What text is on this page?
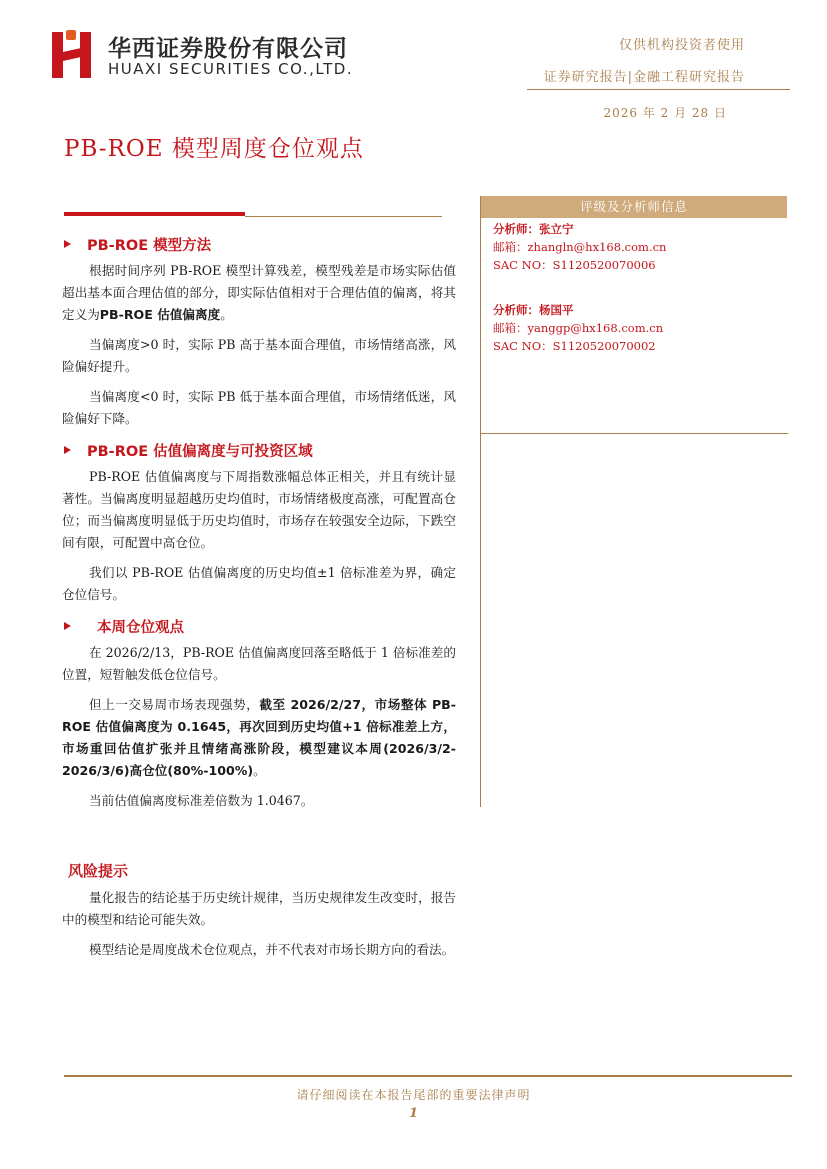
华西证券股份有限公司
HUAXI SECURITIES CO.,LTD.
仅供机构投资者使用
证券研究报告|金融工程研究报告
2026 年 2 月 28 日
PB-ROE 模型周度仓位观点
PB-ROE 模型方法

根据时间序列 PB-ROE 模型计算残差，模型残差是市场实际估值超出基本面合理估值的部分，即实际估值相对于合理估值的偏离，将其定义为PB-ROE 估值偏离度。

当偏离度>0 时，实际 PB 高于基本面合理值，市场情绪高涨，风险偏好提升。

当偏离度<0 时，实际 PB 低于基本面合理值，市场情绪低迷，风险偏好下降。

PB-ROE 估值偏离度与可投资区域

PB-ROE 估值偏离度与下周指数涨幅总体正相关，并且有统计显著性。当偏离度明显超越历史均值时，市场情绪极度高涨，可配置高仓位；而当偏离度明显低于历史均值时，市场存在较强安全边际，下跌空间有限，可配置中高仓位。

我们以 PB-ROE 估值偏离度的历史均值±1 倍标准差为界，确定仓位信号。

本周仓位观点

在 2026/2/13，PB-ROE 估值偏离度回落至略低于 1 倍标准差的位置，短暂触发低仓位信号。

但上一交易周市场表现强势，截至 2026/2/27，市场整体 PB-ROE 估值偏离度为 0.1645，再次回到历史均值+1 倍标准差上方，市场重回估值扩张并且情绪高涨阶段，模型建议本周(2026/3/2-2026/3/6)高仓位(80%-100%)。

当前估值偏离度标准差倍数为 1.0467。

风险提示

量化报告的结论基于历史统计规律，当历史规律发生改变时，报告中的模型和结论可能失效。

模型结论是周度战术仓位观点，并不代表对市场长期方向的看法。

评级及分析师信息
分析师：张立宁
邮箱：zhangln@hx168.com.cn
SAC NO：S1120520070006
分析师：杨国平
邮箱：yanggp@hx168.com.cn
SAC NO：S1120520070002
请仔细阅读在本报告尾部的重要法律声明
1
